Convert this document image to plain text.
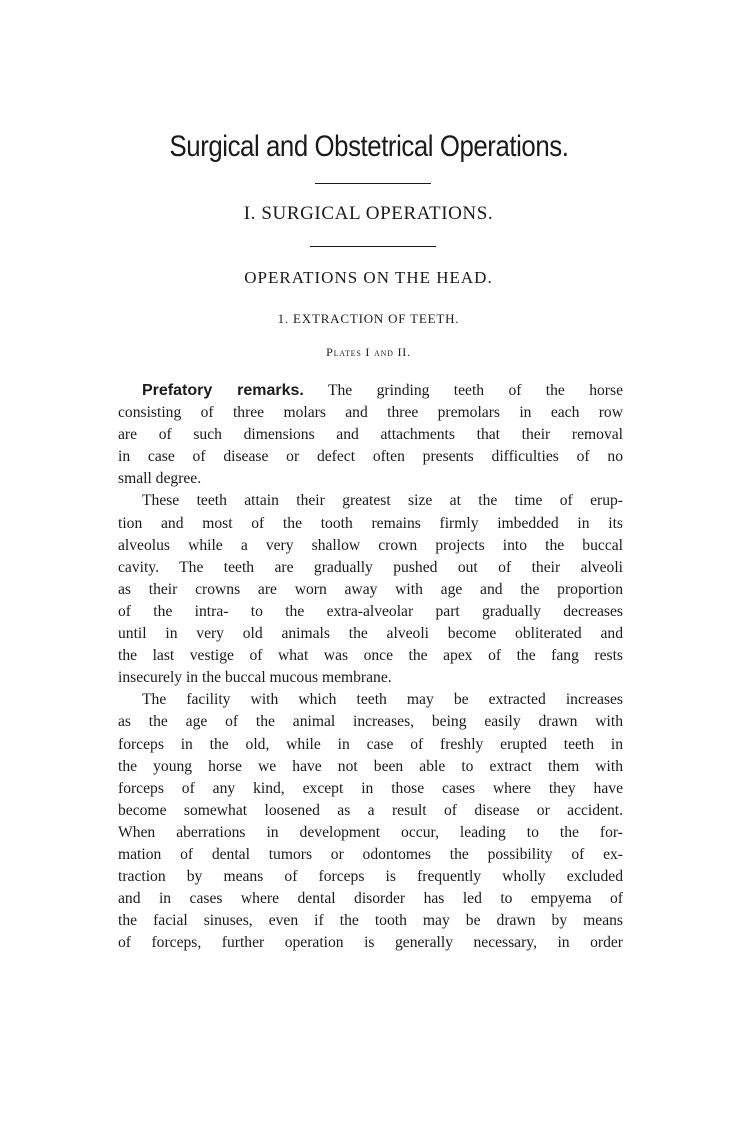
Surgical and Obstetrical Operations.
I. SURGICAL OPERATIONS.
OPERATIONS ON THE HEAD.
1. EXTRACTION OF TEETH.
Plates I and II.
Prefatory remarks. The grinding teeth of the horse
consisting of three molars and three premolars in each row
are of such dimensions and attachments that their removal
in case of disease or defect often presents difficulties of no
small degree.
These teeth attain their greatest size at the time of erup-
tion and most of the tooth remains firmly imbedded in its
alveolus while a very shallow crown projects into the buccal
cavity. The teeth are gradually pushed out of their alveoli
as their crowns are worn away with age and the proportion
of the intra- to the extra-alveolar part gradually decreases
until in very old animals the alveoli become obliterated and
the last vestige of what was once the apex of the fang rests
insecurely in the buccal mucous membrane.
The facility with which teeth may be extracted increases
as the age of the animal increases, being easily drawn with
forceps in the old, while in case of freshly erupted teeth in
the young horse we have not been able to extract them with
forceps of any kind, except in those cases where they have
become somewhat loosened as a result of disease or accident.
When aberrations in development occur, leading to the for-
mation of dental tumors or odontomes the possibility of ex-
traction by means of forceps is frequently wholly excluded
and in cases where dental disorder has led to empyema of
the facial sinuses, even if the tooth may be drawn by means
of forceps, further operation is generally necessary, in order
